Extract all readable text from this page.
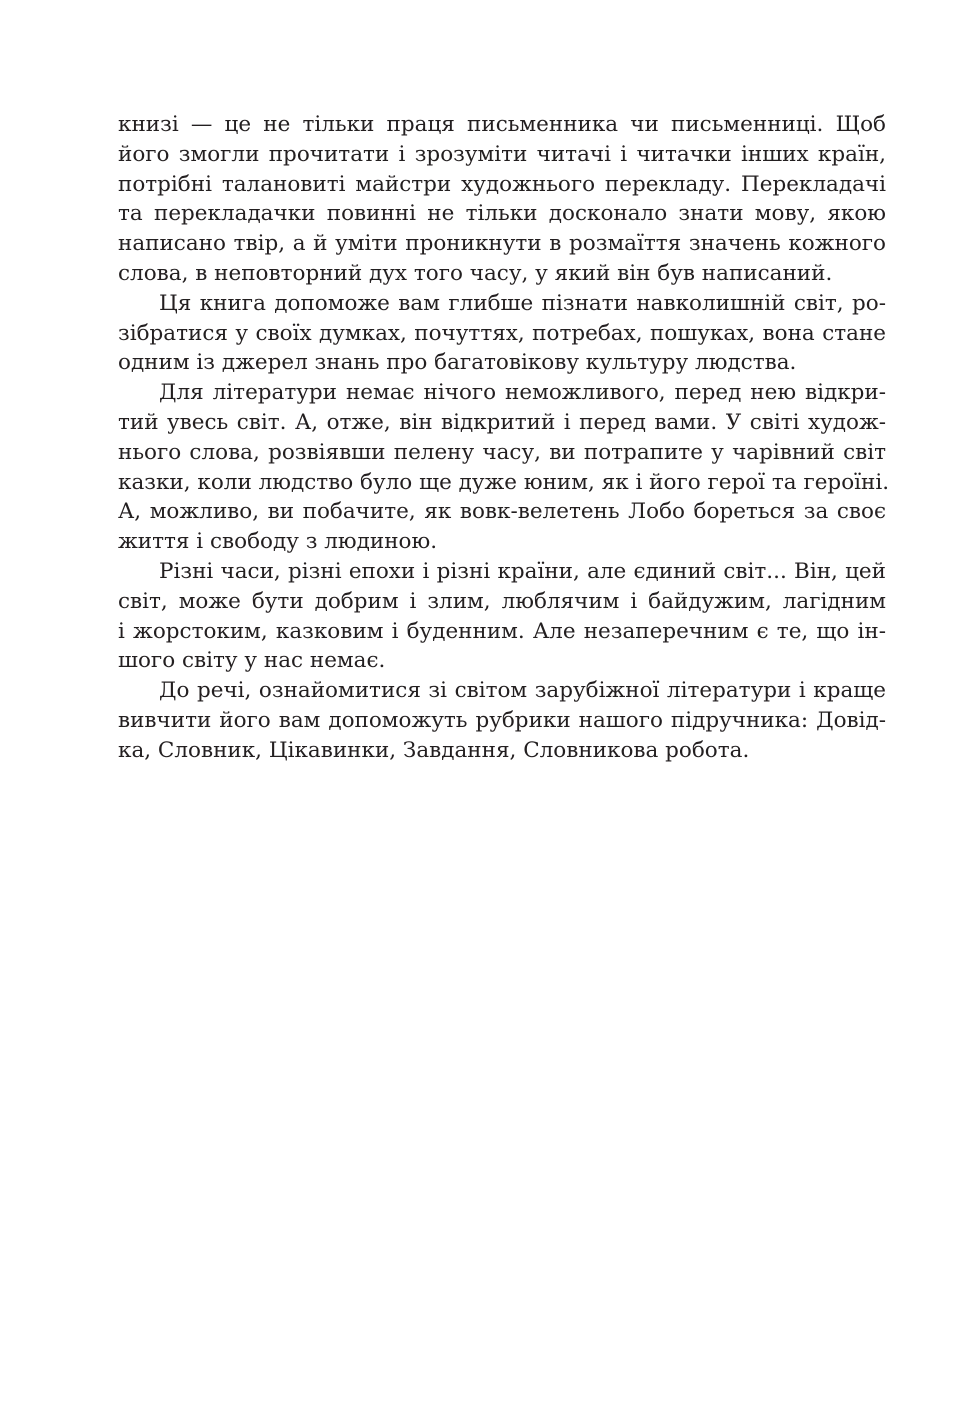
книзі — це не тільки праця письменника чи письменниці. Щоб
його змогли прочитати і зрозуміти читачі і читачки інших країн,
потрібні талановиті майстри художнього перекладу. Перекладачі
та перекладачки повинні не тільки досконало знати мову, якою
написано твір, а й уміти проникнути в розмаїття значень кожного
слова, в неповторний дух того часу, у який він був написаний.
Ця книга допоможе вам глибше пізнати навколишній світ, ро-
зібратися у своїх думках, почуттях, потребах, пошуках, вона стане
одним із джерел знань про багатовікову культуру людства.
Для літератури немає нічого неможливого, перед нею відкри-
тий увесь світ. А, отже, він відкритий і перед вами. У світі худож-
нього слова, розвіявши пелену часу, ви потрапите у чарівний світ
казки, коли людство було ще дуже юним, як і його герої та героїні.
А, можливо, ви побачите, як вовк-велетень Лобо бореться за своє
життя і свободу з людиною.
Різні часи, різні епохи і різні країни, але єдиний світ... Він, цей
світ, може бути добрим і злим, люблячим і байдужим, лагідним
і жорстоким, казковим і буденним. Але незаперечним є те, що ін-
шого світу у нас немає.
До речі, ознайомитися зі світом зарубіжної літератури і краще
вивчити його вам допоможуть рубрики нашого підручника: Довід-
ка, Словник, Цікавинки, Завдання, Словникова робота.
